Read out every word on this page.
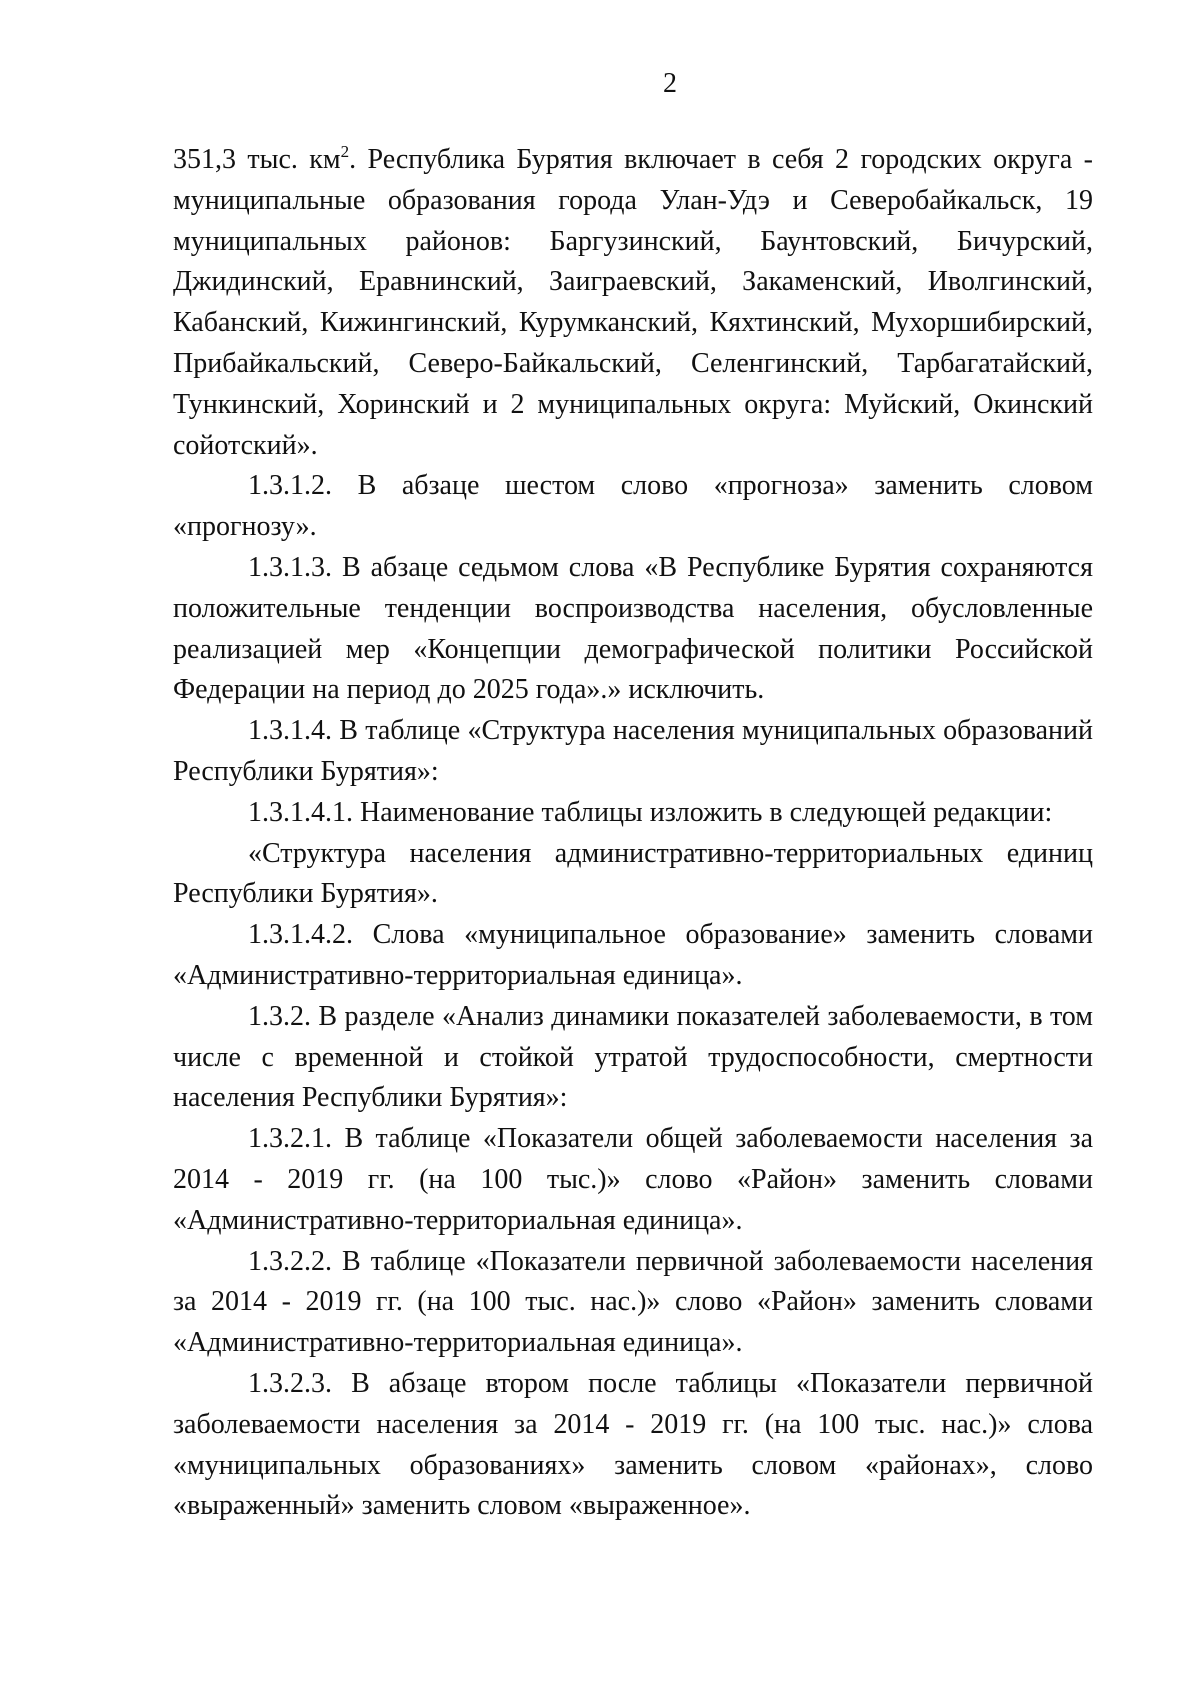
2

351,3 тыс. $км^2$. Республика Бурятия включает в себя 2 городских округа - муниципальные образования города Улан-Удэ и Северобайкальск, 19 муниципальных районов: Баргузинский, Баунтовский, Бичурский, Джидинский, Еравнинский, Заиграевский, Закаменский, Иволгинский, Кабанский, Кижингинский, Курумканский, Кяхтинский, Мухоршибирский, Прибайкальский, Северо-Байкальский, Селенгинский, Тарбагатайский, Тункинский, Хоринский и 2 муниципальных округа: Муйский, Окинский сойотский».

1.3.1.2. В абзаце шестом слово «прогноза» заменить словом «прогнозу».

1.3.1.3. В абзаце седьмом слова «В Республике Бурятия сохраняются положительные тенденции воспроизводства населения, обусловленные реализацией мер «Концепции демографической политики Российской Федерации на период до 2025 года».» исключить.

1.3.1.4. В таблице «Структура населения муниципальных образований Республики Бурятия»:

1.3.1.4.1. Наименование таблицы изложить в следующей редакции:

«Структура населения административно-территориальных единиц Республики Бурятия».

1.3.1.4.2. Слова «муниципальное образование» заменить словами «Административно-территориальная единица».

1.3.2. В разделе «Анализ динамики показателей заболеваемости, в том числе с временной и стойкой утратой трудоспособности, смертности населения Республики Бурятия»:

1.3.2.1. В таблице «Показатели общей заболеваемости населения за 2014 - 2019 гг. (на 100 тыс.)» слово «Район» заменить словами «Административно-территориальная единица».

1.3.2.2. В таблице «Показатели первичной заболеваемости населения за 2014 - 2019 гг. (на 100 тыс. нас.)» слово «Район» заменить словами «Административно-территориальная единица».

1.3.2.3. В абзаце втором после таблицы «Показатели первичной заболеваемости населения за 2014 - 2019 гг. (на 100 тыс. нас.)» слова «муниципальных образованиях» заменить словом «районах», слово «выраженный» заменить словом «выраженное».
